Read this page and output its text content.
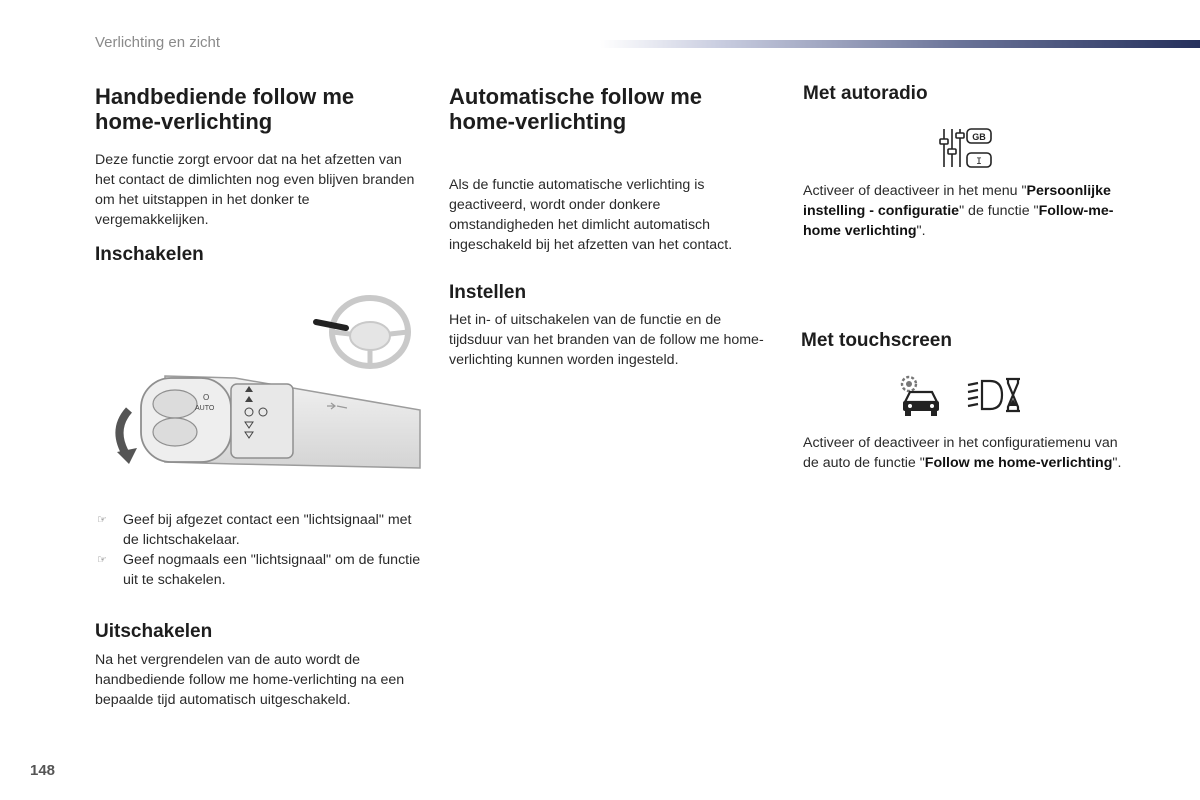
Verlichting en zicht
Handbediende follow me home-verlichting

Deze functie zorgt ervoor dat na het afzetten van het contact de dimlichten nog even blijven branden om het uitstappen in het donker te vergemakkelijken.

Inschakelen
O
AUTO
☞ Geef bij afgezet contact een "lichtsignaal" met de lichtschakelaar.
☞ Geef nogmaals een "lichtsignaal" om de functie uit te schakelen.
Uitschakelen

Na het vergrendelen van de auto wordt de handbediende follow me home-verlichting na een bepaalde tijd automatisch uitgeschakeld.

Automatische follow me home-verlichting

Als de functie automatische verlichting is geactiveerd, wordt onder donkere omstandigheden het dimlicht automatisch ingeschakeld bij het afzetten van het contact.

Instellen

Het in- of uitschakelen van de functie en de tijdsduur van het branden van de follow me home-verlichting kunnen worden ingesteld.

Met autoradio
GB
I

Activeer of deactiveer in het menu "Persoonlijke instelling - configuratie" de functie "Follow-me-home verlichting".

Met touchscreen

Activeer of deactiveer in het configuratiemenu van de auto de functie "Follow me home-verlichting".

148
